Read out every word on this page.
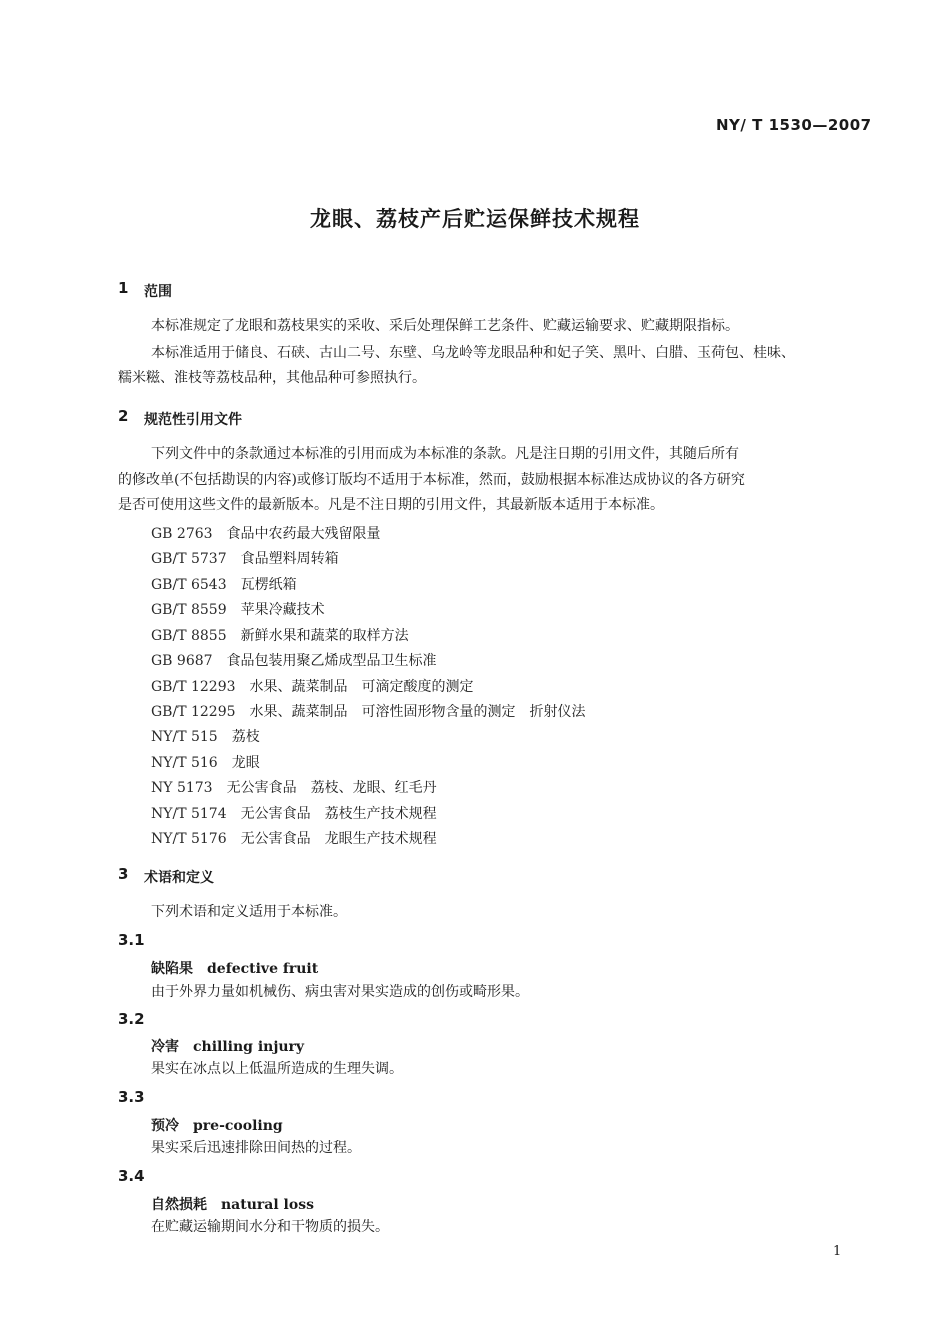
NY/ T 1530—2007
龙眼、荔枝产后贮运保鲜技术规程
1 范围
本标准规定了龙眼和荔枝果实的采收、采后处理保鲜工艺条件、贮藏运输要求、贮藏期限指标。
本标准适用于储良、石硖、古山二号、东壁、乌龙岭等龙眼品种和妃子笑、黑叶、白腊、玉荷包、桂味、
糯米糍、淮枝等荔枝品种，其他品种可参照执行。
2 规范性引用文件
下列文件中的条款通过本标准的引用而成为本标准的条款。凡是注日期的引用文件，其随后所有
的修改单(不包括勘误的内容)或修订版均不适用于本标准，然而，鼓励根据本标准达成协议的各方研究
是否可使用这些文件的最新版本。凡是不注日期的引用文件，其最新版本适用于本标准。
GB 2763 食品中农药最大残留限量
GB/T 5737 食品塑料周转箱
GB/T 6543 瓦楞纸箱
GB/T 8559 苹果冷藏技术
GB/T 8855 新鲜水果和蔬菜的取样方法
GB 9687 食品包装用聚乙烯成型品卫生标准
GB/T 12293 水果、蔬菜制品　可滴定酸度的测定
GB/T 12295 水果、蔬菜制品　可溶性固形物含量的测定　折射仪法
NY/T 515 荔枝
NY/T 516 龙眼
NY 5173 无公害食品　荔枝、龙眼、红毛丹
NY/T 5174 无公害食品　荔枝生产技术规程
NY/T 5176 无公害食品　龙眼生产技术规程
3 术语和定义
下列术语和定义适用于本标准。
3.1
缺陷果 defective fruit
由于外界力量如机械伤、病虫害对果实造成的创伤或畸形果。
3.2
冷害 chilling injury
果实在冰点以上低温所造成的生理失调。
3.3
预冷 pre-cooling
果实采后迅速排除田间热的过程。
3.4
自然损耗 natural loss
在贮藏运输期间水分和干物质的损失。
1
